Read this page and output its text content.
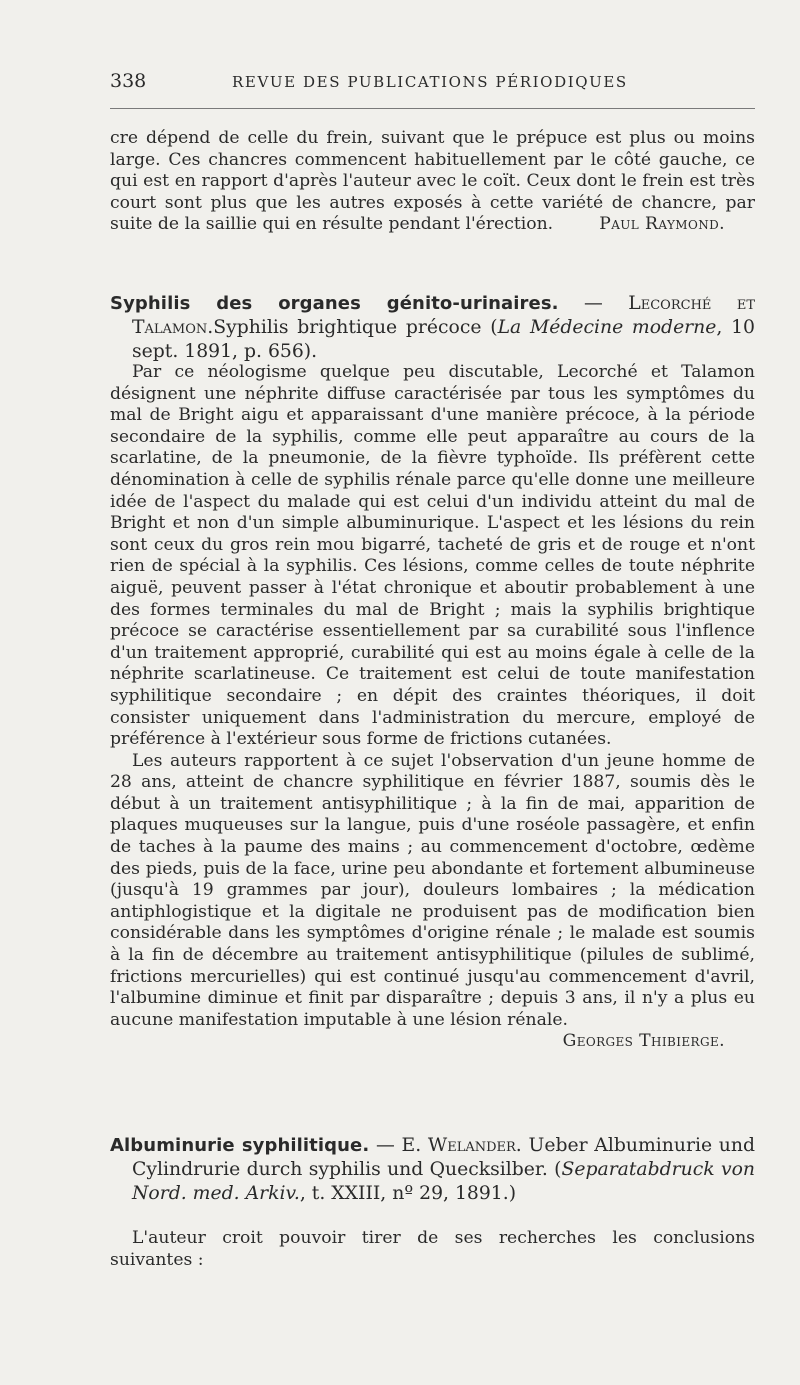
338	REVUE DES PUBLICATIONS PÉRIODIQUES

cre dépend de celle du frein, suivant que le prépuce est plus ou moins large. Ces chancres commencent habituellement par le côté gauche, ce qui est en rapport d'après l'auteur avec le coït. Ceux dont le frein est très court sont plus que les autres exposés à cette variété de chancre, par suite de la saillie qui en résulte pendant l'érection.	Paul Raymond.

Syphilis des organes génito-urinaires. — Lecorché et Talamon.Syphilis brightique précoce (La Médecine moderne, 10 sept. 1891, p. 656).

Par ce néologisme quelque peu discutable, Lecorché et Talamon désignent une néphrite diffuse caractérisée par tous les symptômes du mal de Bright aigu et apparaissant d'une manière précoce, à la période secondaire de la syphilis, comme elle peut apparaître au cours de la scarlatine, de la pneumonie, de la fièvre typhoïde. Ils préfèrent cette dénomination à celle de syphilis rénale parce qu'elle donne une meilleure idée de l'aspect du malade qui est celui d'un individu atteint du mal de Bright et non d'un simple albuminurique. L'aspect et les lésions du rein sont ceux du gros rein mou bigarré, tacheté de gris et de rouge et n'ont rien de spécial à la syphilis. Ces lésions, comme celles de toute néphrite aiguë, peuvent passer à l'état chronique et aboutir probablement à une des formes terminales du mal de Bright ; mais la syphilis brightique précoce se caractérise essentiellement par sa curabilité sous l'inflence d'un traitement approprié, curabilité qui est au moins égale à celle de la néphrite scarlatineuse. Ce traitement est celui de toute manifestation syphilitique secondaire ; en dépit des craintes théoriques, il doit consister uniquement dans l'administration du mercure, employé de préférence à l'extérieur sous forme de frictions cutanées.

Les auteurs rapportent à ce sujet l'observation d'un jeune homme de 28 ans, atteint de chancre syphilitique en février 1887, soumis dès le début à un traitement antisyphilitique ; à la fin de mai, apparition de plaques muqueuses sur la langue, puis d'une roséole passagère, et enfin de taches à la paume des mains ; au commencement d'octobre, œdème des pieds, puis de la face, urine peu abondante et fortement albumineuse (jusqu'à 19 grammes par jour), douleurs lombaires ; la médication antiphlogistique et la digitale ne produisent pas de modification bien considérable dans les symptômes d'origine rénale ; le malade est soumis à la fin de décembre au traitement antisyphilitique (pilules de sublimé, frictions mercurielles) qui est continué jusqu'au commencement d'avril, l'albumine diminue et finit par disparaître ; depuis 3 ans, il n'y a plus eu aucune manifestation imputable à une lésion rénale.
Georges Thibierge.

Albuminurie syphilitique. — E. Welander. Ueber Albuminurie und Cylindrurie durch syphilis und Quecksilber. (Separatabdruck von Nord. med. Arkiv., t. XXIII, nº 29, 1891.)

L'auteur croit pouvoir tirer de ses recherches les conclusions suivantes :
